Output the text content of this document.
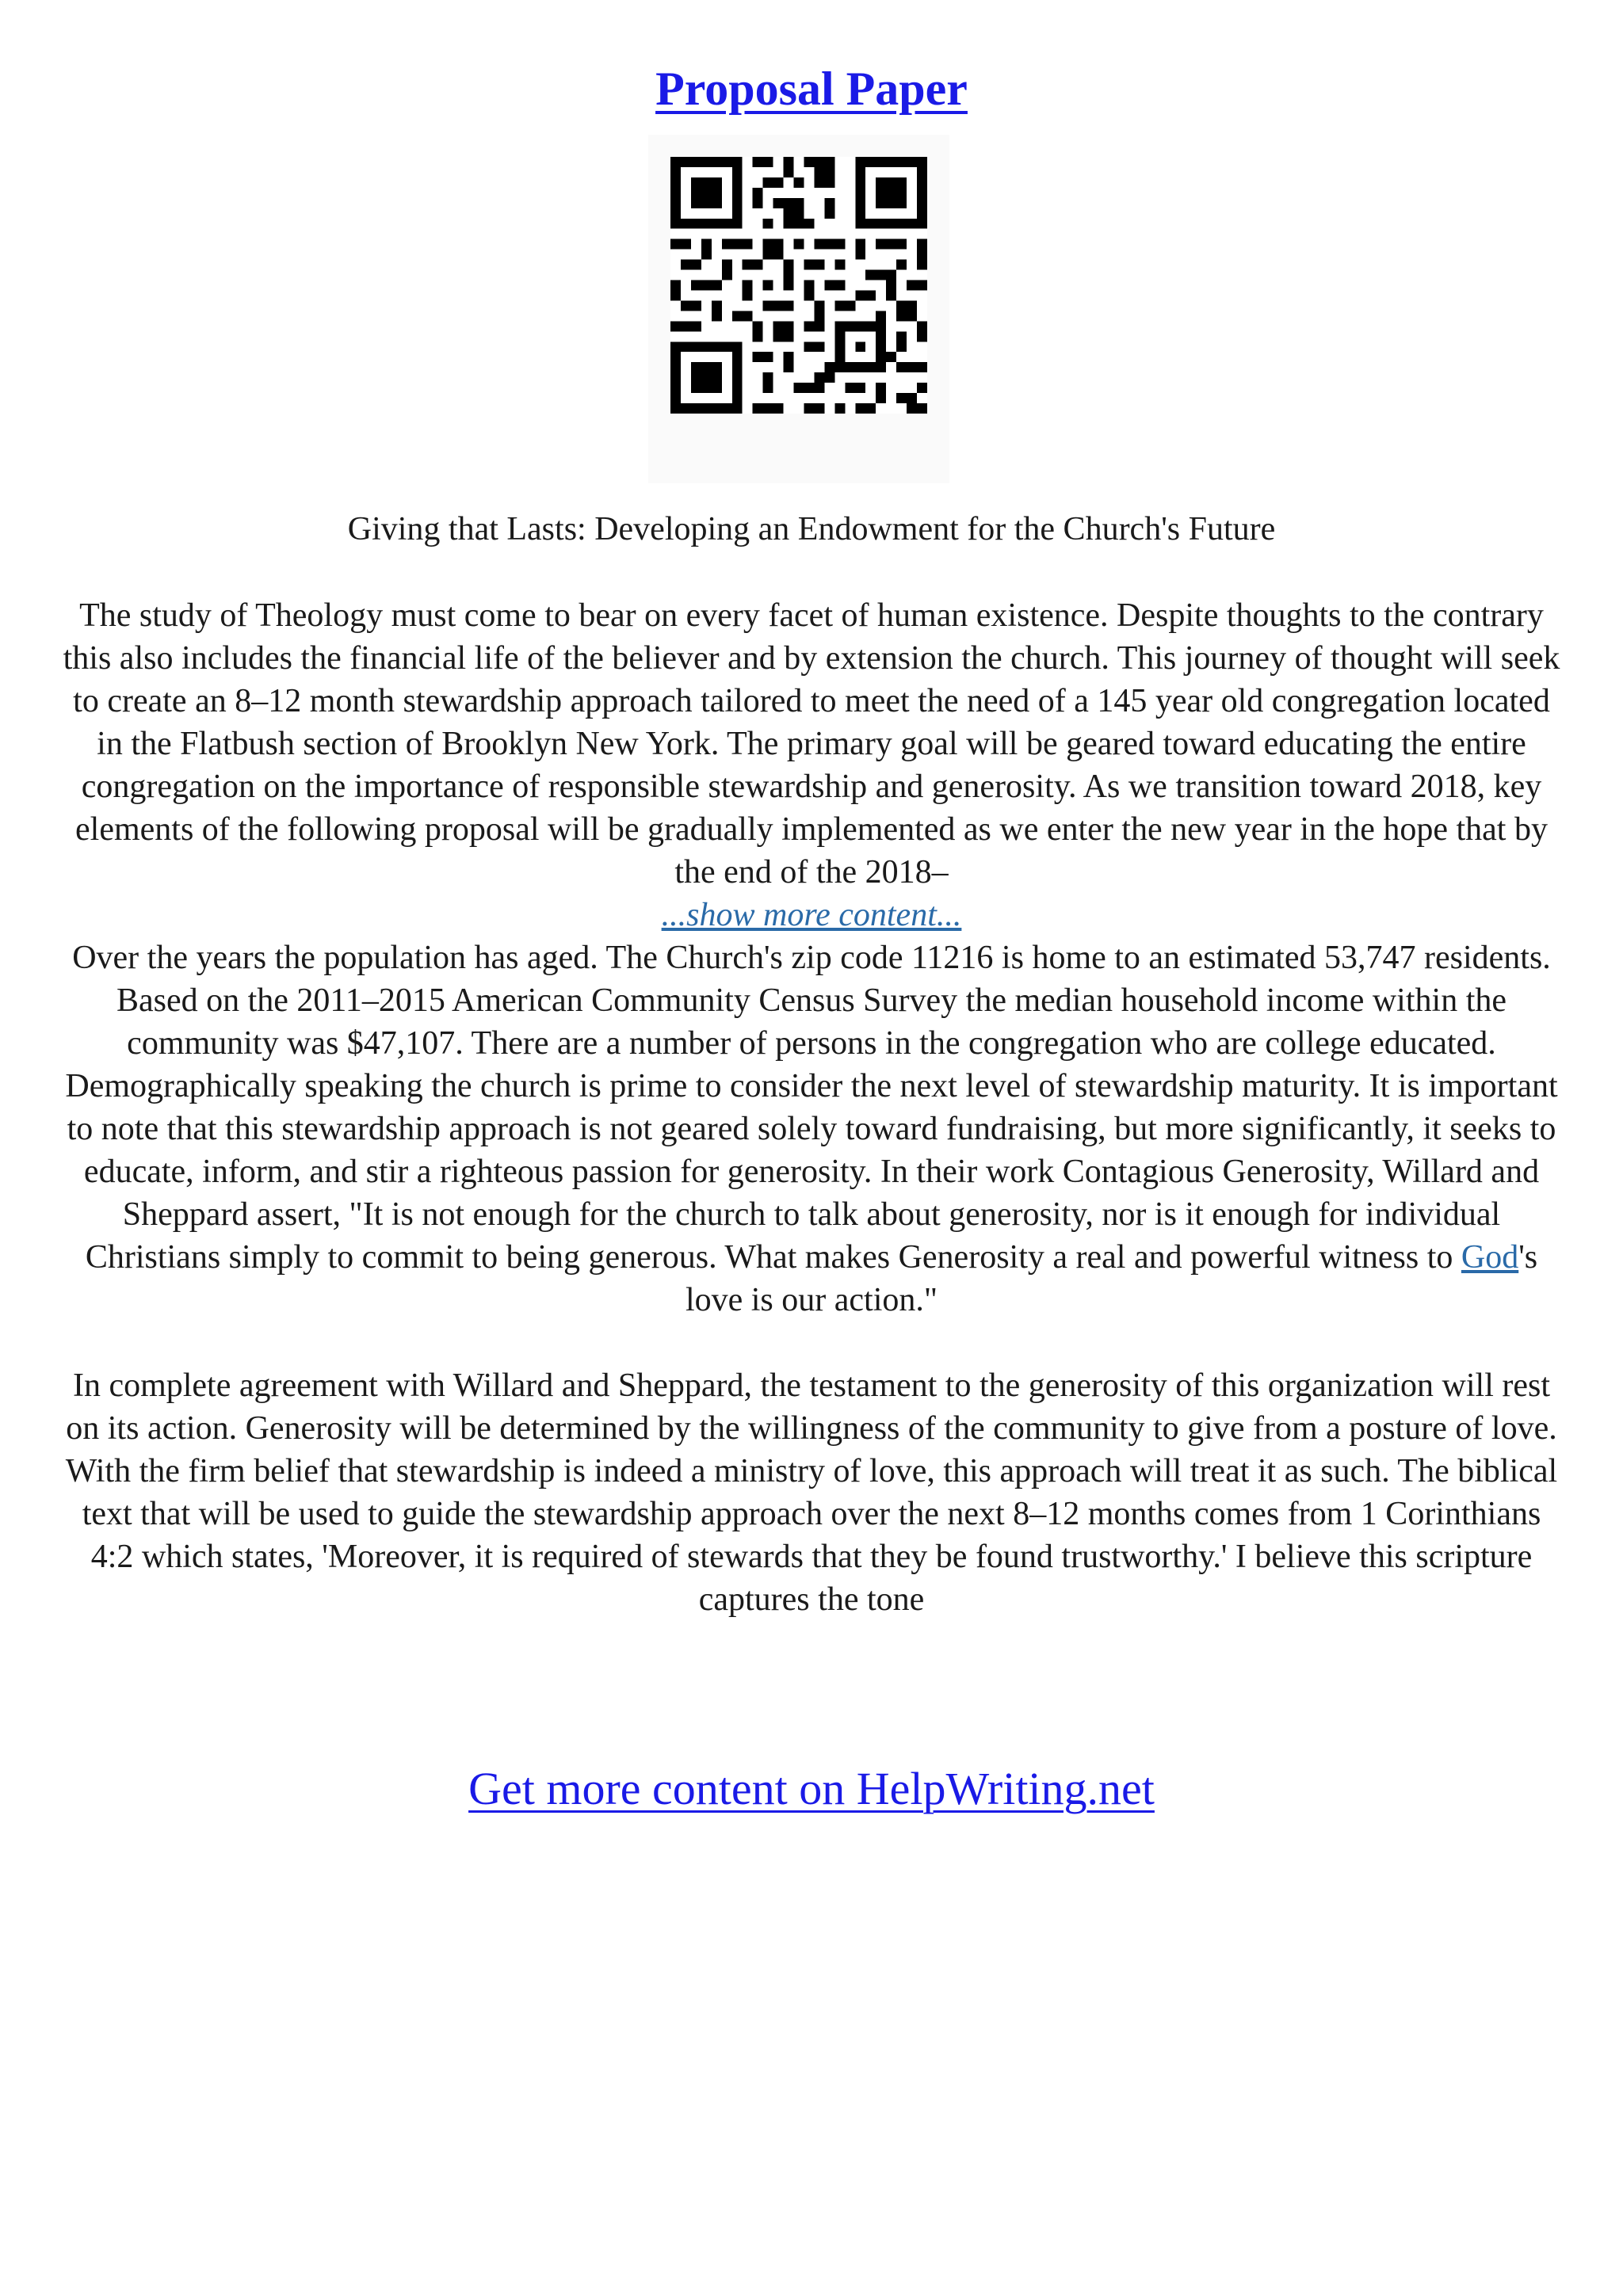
Proposal Paper

Giving that Lasts: Developing an Endowment for the Church's Future

The study of Theology must come to bear on every facet of human existence. Despite thoughts to the contrary this also includes the financial life of the believer and by extension the church. This journey of thought will seek to create an 8–12 month stewardship approach tailored to meet the need of a 145 year old congregation located in the Flatbush section of Brooklyn New York. The primary goal will be geared toward educating the entire congregation on the importance of responsible stewardship and generosity. As we transition toward 2018, key elements of the following proposal will be gradually implemented as we enter the new year in the hope that by the end of the 2018–

...show more content...

Over the years the population has aged. The Church's zip code 11216 is home to an estimated 53,747 residents. Based on the 2011–2015 American Community Census Survey the median household income within the community was $47,107. There are a number of persons in the congregation who are college educated. Demographically speaking the church is prime to consider the next level of stewardship maturity. It is important to note that this stewardship approach is not geared solely toward fundraising, but more significantly, it seeks to educate, inform, and stir a righteous passion for generosity. In their work Contagious Generosity, Willard and Sheppard assert, "It is not enough for the church to talk about generosity, nor is it enough for individual Christians simply to commit to being generous. What makes Generosity a real and powerful witness to God's love is our action."

In complete agreement with Willard and Sheppard, the testament to the generosity of this organization will rest on its action. Generosity will be determined by the willingness of the community to give from a posture of love.

With the firm belief that stewardship is indeed a ministry of love, this approach will treat it as such. The biblical text that will be used to guide the stewardship approach over the next 8–12 months comes from 1 Corinthians 4:2 which states, 'Moreover, it is required of stewards that they be found trustworthy.' I believe this scripture captures the tone

Get more content on HelpWriting.net
